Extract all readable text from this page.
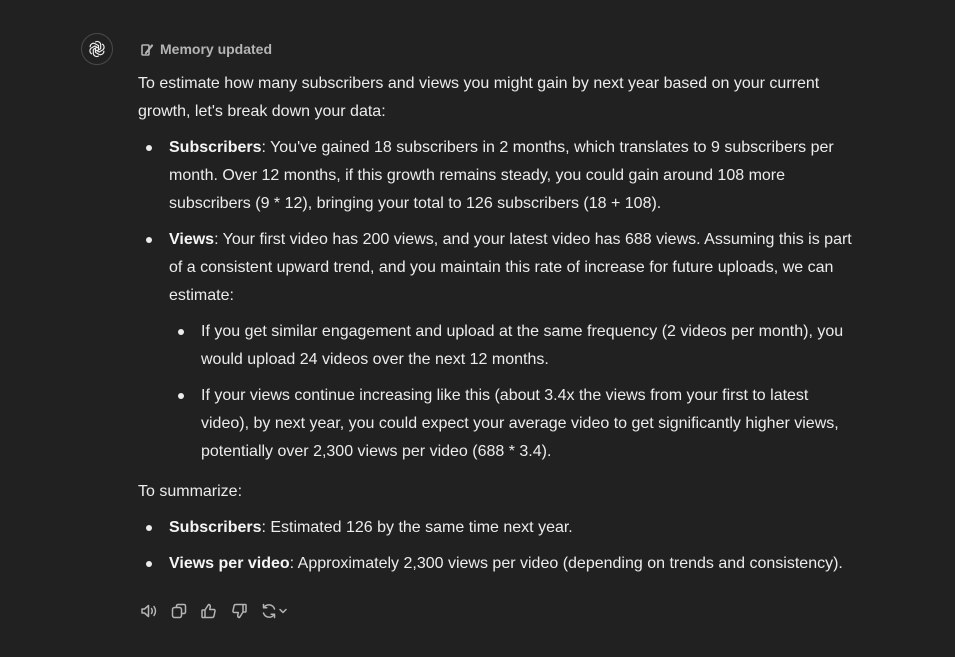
Memory updated

To estimate how many subscribers and views you might gain by next year based on your current growth, let's break down your data:

Subscribers: You've gained 18 subscribers in 2 months, which translates to 9 subscribers per month. Over 12 months, if this growth remains steady, you could gain around 108 more subscribers (9 * 12), bringing your total to 126 subscribers (18 + 108).
Views: Your first video has 200 views, and your latest video has 688 views. Assuming this is part of a consistent upward trend, and you maintain this rate of increase for future uploads, we can estimate:
If you get similar engagement and upload at the same frequency (2 videos per month), you would upload 24 videos over the next 12 months.
If your views continue increasing like this (about 3.4x the views from your first to latest video), by next year, you could expect your average video to get significantly higher views, potentially over 2,300 views per video (688 * 3.4).

To summarize:

Subscribers: Estimated 126 by the same time next year.
Views per video: Approximately 2,300 views per video (depending on trends and consistency).
